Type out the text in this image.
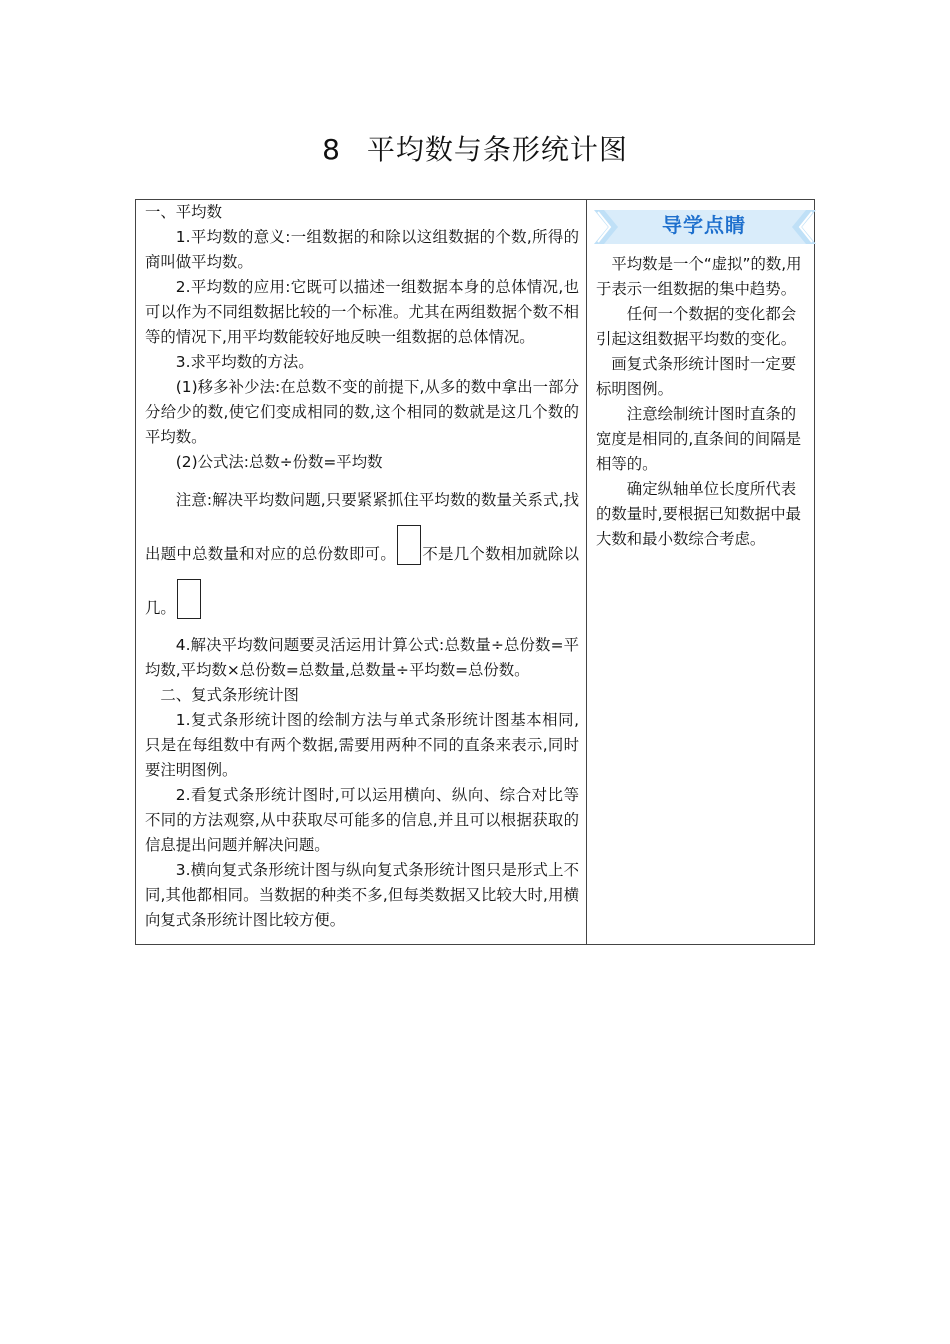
8 平均数与条形统计图

一、平均数

1.平均数的意义:一组数据的和除以这组数据的个数,所得的商叫做平均数。

2.平均数的应用:它既可以描述一组数据本身的总体情况,也可以作为不同组数据比较的一个标准。尤其在两组数据个数不相等的情况下,用平均数能较好地反映一组数据的总体情况。

3.求平均数的方法。

(1)移多补少法:在总数不变的前提下,从多的数中拿出一部分分给少的数,使它们变成相同的数,这个相同的数就是这几个数的平均数。

(2)公式法:总数÷份数=平均数

注意:解决平均数问题,只要紧紧抓住平均数的数量关系式,找出题中总数量和对应的总份数即可。 不是几个数相加就除以几。

4.解决平均数问题要灵活运用计算公式:总数量÷总份数=平均数,平均数×总份数=总数量,总数量÷平均数=总份数。

二、复式条形统计图

1.复式条形统计图的绘制方法与单式条形统计图基本相同,只是在每组数中有两个数据,需要用两种不同的直条来表示,同时要注明图例。

2.看复式条形统计图时,可以运用横向、纵向、综合对比等不同的方法观察,从中获取尽可能多的信息,并且可以根据获取的信息提出问题并解决问题。

3.横向复式条形统计图与纵向复式条形统计图只是形式上不同,其他都相同。当数据的种类不多,但每类数据又比较大时,用横向复式条形统计图比较方便。

导学点睛

平均数是一个“虚拟”的数,用于表示一组数据的集中趋势。

任何一个数据的变化都会引起这组数据平均数的变化。

画复式条形统计图时一定要标明图例。

注意绘制统计图时直条的宽度是相同的,直条间的间隔是相等的。

确定纵轴单位长度所代表的数量时,要根据已知数据中最大数和最小数综合考虑。
